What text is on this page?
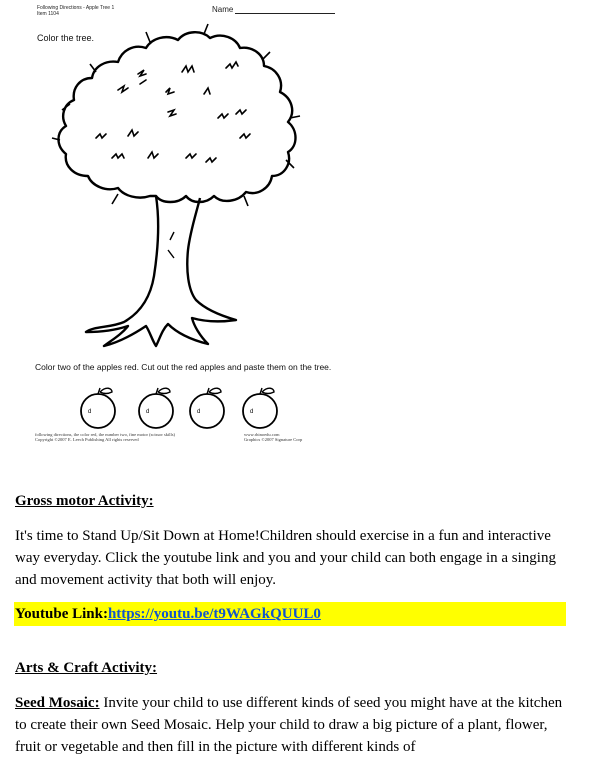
Following Directions - Apple Tree 1
Item 1104	Name
Color the tree.
d	d	d	d
Color two of the apples red. Cut out the red apples and paste them on the tree.
following directions, the color red, the number two, fine motor (scissor skills)
Copyright ©2007 E. Leech Publishing All rights reserved
www.rhinoedu.com
Graphics ©2007 Signature Corp
Gross motor Activity:
It's time to Stand Up/Sit Down at Home!Children should exercise in a fun and interactive way everyday. Click the youtube link and you and your child can both engage in a singing and movement activity that both will enjoy.
Youtube Link:https://youtu.be/t9WAGkQUUL0
Arts & Craft Activity:
Seed Mosaic: Invite your child to use different kinds of seed you might have at the kitchen to create their own Seed Mosaic. Help your child to draw a big picture of a plant, flower, fruit or vegetable and then fill in the picture with different kinds of
